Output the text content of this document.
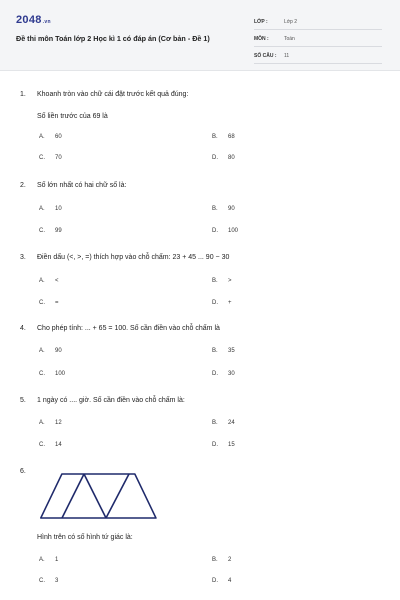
2048.vn
Đề thi môn Toán lớp 2 Học kì 1 có đáp án (Cơ bản - Đề 1)
LỚP :	Lớp 2
MÔN :	Toán
SỐ CÂU :	11
1. Khoanh tròn vào chữ cái đặt trước kết quả đúng:
Số liền trước của 69 là
A. 60	B. 68
C. 70	D. 80
2. Số lớn nhất có hai chữ số là:
A. 10	B. 90
C. 99	D. 100
3. Điền dấu (<, >, =) thích hợp vào chỗ chấm: 23 + 45 ... 90 − 30
A. <	B. >
C. =	D. +
4. Cho phép tính: ... + 65 = 100. Số cần điền vào chỗ chấm là
A. 90	B. 35
C. 100	D. 30
5. 1 ngày có .... giờ. Số cần điền vào chỗ chấm là:
A. 12	B. 24
C. 14	D. 15
6.
Hình trên có số hình tứ giác là:
A. 1	B. 2
C. 3	D. 4
